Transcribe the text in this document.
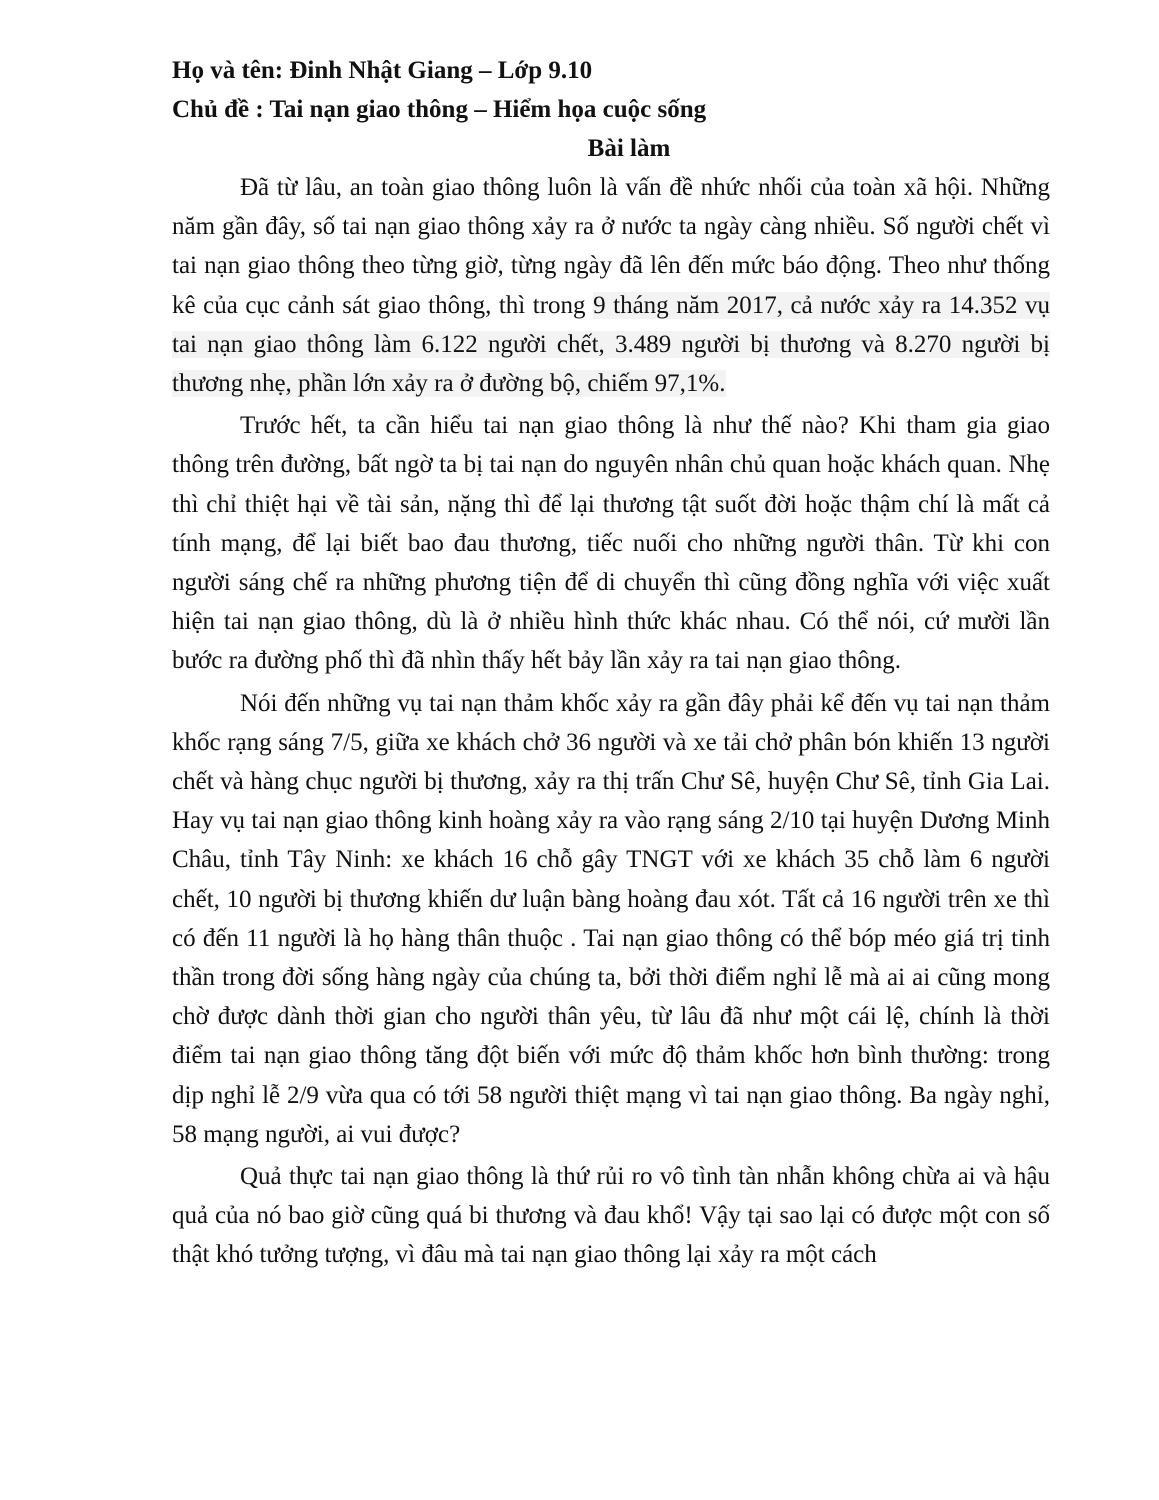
Họ và tên: Đinh Nhật Giang – Lớp 9.10

Chủ đề : Tai nạn giao thông – Hiểm họa cuộc sống

Bài làm

Đã từ lâu, an toàn giao thông luôn là vấn đề nhức nhối của toàn xã hội. Những năm gần đây, số tai nạn giao thông xảy ra ở nước ta ngày càng nhiều. Số người chết vì tai nạn giao thông theo từng giờ, từng ngày đã lên đến mức báo động. Theo như thống kê của cục cảnh sát giao thông, thì trong 9 tháng năm 2017, cả nước xảy ra 14.352 vụ tai nạn giao thông làm 6.122 người chết, 3.489 người bị thương và 8.270 người bị thương nhẹ, phần lớn xảy ra ở đường bộ, chiếm 97,1%.

Trước hết, ta cần hiểu tai nạn giao thông là như thế nào? Khi tham gia giao thông trên đường, bất ngờ ta bị tai nạn do nguyên nhân chủ quan hoặc khách quan. Nhẹ thì chỉ thiệt hại về tài sản, nặng thì để lại thương tật suốt đời hoặc thậm chí là mất cả tính mạng, để lại biết bao đau thương, tiếc nuối cho những người thân. Từ khi con người sáng chế ra những phương tiện để di chuyển thì cũng đồng nghĩa với việc xuất hiện tai nạn giao thông, dù là ở nhiều hình thức khác nhau. Có thể nói, cứ mười lần bước ra đường phố thì đã nhìn thấy hết bảy lần xảy ra tai nạn giao thông.

Nói đến những vụ tai nạn thảm khốc xảy ra gần đây phải kể đến vụ tai nạn thảm khốc rạng sáng 7/5, giữa xe khách chở 36 người và xe tải chở phân bón khiến 13 người chết và hàng chục người bị thương, xảy ra thị trấn Chư Sê, huyện Chư Sê, tỉnh Gia Lai. Hay vụ tai nạn giao thông kinh hoàng xảy ra vào rạng sáng 2/10 tại huyện Dương Minh Châu, tỉnh Tây Ninh: xe khách 16 chỗ gây TNGT với xe khách 35 chỗ làm 6 người chết, 10 người bị thương khiến dư luận bàng hoàng đau xót. Tất cả 16 người trên xe thì có đến 11 người là họ hàng thân thuộc . Tai nạn giao thông có thể bóp méo giá trị tinh thần trong đời sống hàng ngày của chúng ta, bởi thời điểm nghỉ lễ mà ai ai cũng mong chờ được dành thời gian cho người thân yêu, từ lâu đã như một cái lệ, chính là thời điểm tai nạn giao thông tăng đột biến với mức độ thảm khốc hơn bình thường: trong dịp nghỉ lễ 2/9 vừa qua có tới 58 người thiệt mạng vì tai nạn giao thông. Ba ngày nghỉ, 58 mạng người, ai vui được?

Quả thực tai nạn giao thông là thứ rủi ro vô tình tàn nhẫn không chừa ai và hậu quả của nó bao giờ cũng quá bi thương và đau khổ! Vậy tại sao lại có được một con số thật khó tưởng tượng, vì đâu mà tai nạn giao thông lại xảy ra một cách
